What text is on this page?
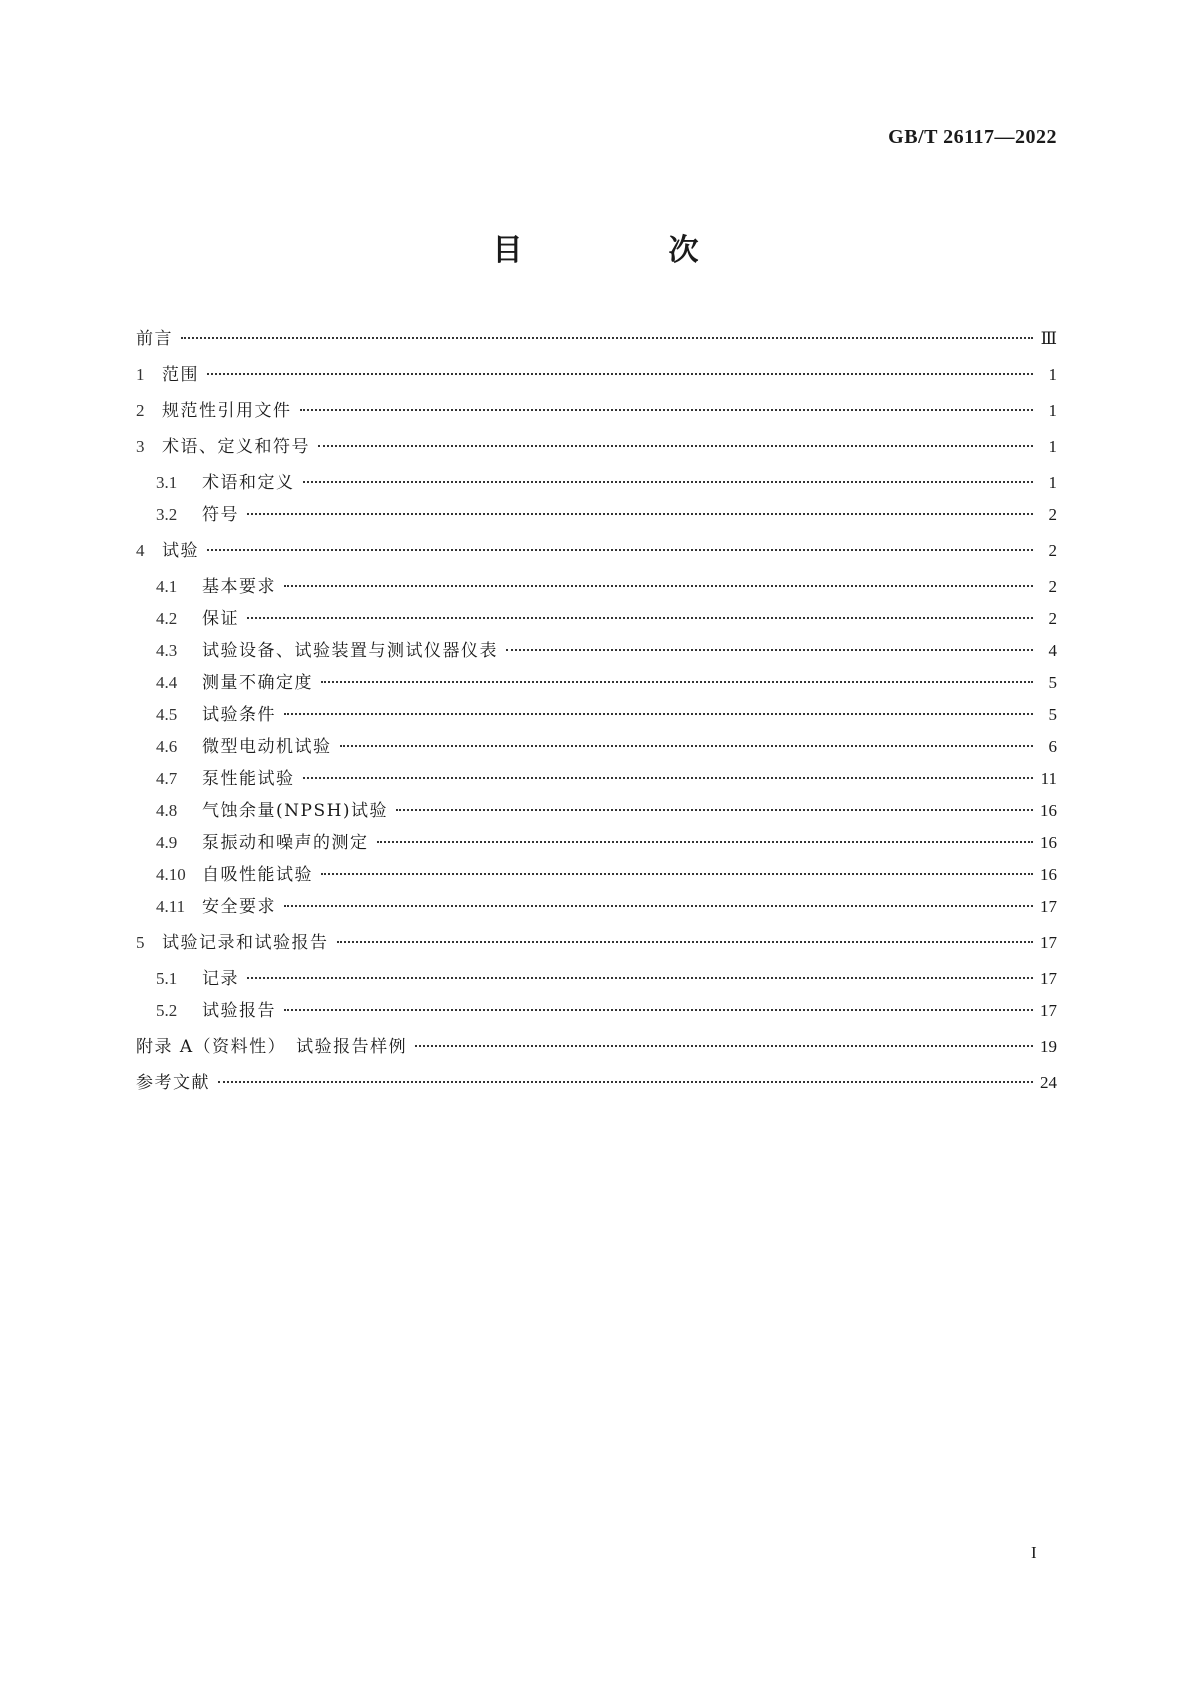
GB/T 26117—2022
目　次
前言	Ⅲ
1 范围	1
2 规范性引用文件	1
3 术语、定义和符号	1
3.1	术语和定义	1
3.2	符号	2
4 试验	2
4.1	基本要求	2
4.2	保证	2
4.3	试验设备、试验装置与测试仪器仪表	4
4.4	测量不确定度	5
4.5	试验条件	5
4.6	微型电动机试验	6
4.7	泵性能试验	11
4.8	气蚀余量(NPSH)试验	16
4.9	泵振动和噪声的测定	16
4.10 自吸性能试验	16
4.11 安全要求	17
5 试验记录和试验报告	17
5.1	记录	17
5.2	试验报告	17
附录 A（资料性）　试验报告样例	19
参考文献	24
I
